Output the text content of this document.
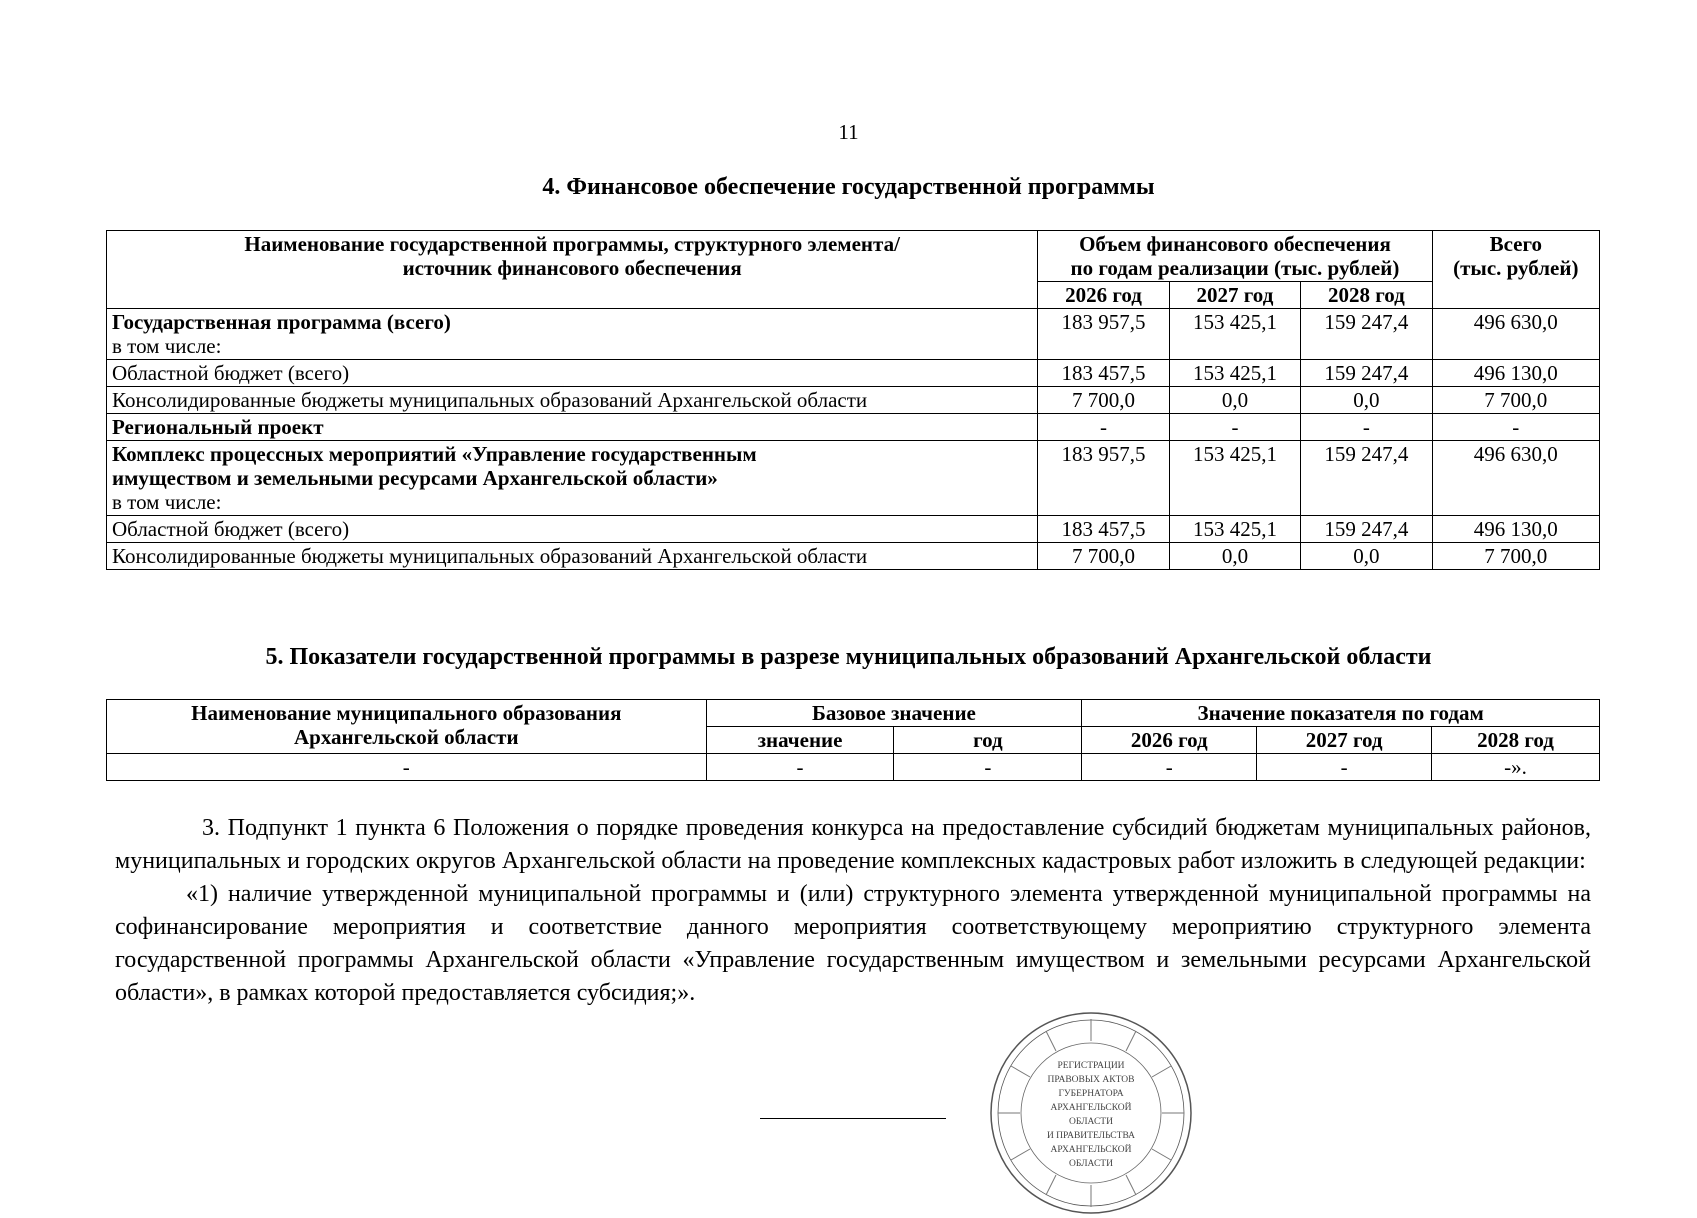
11
4. Финансовое обеспечение государственной программы
Наименование государственной программы, структурного элемента/
источник финансового обеспечения	Объем финансового обеспечения
по годам реализации (тыс. рублей)			Всего
(тыс. рублей)
	2026 год	2027 год	2028 год	
Государственная программа (всего)
в том числе:	183 957,5	153 425,1	159 247,4	496 630,0
Областной бюджет (всего)	183 457,5	153 425,1	159 247,4	496 130,0
Консолидированные бюджеты муниципальных образований Архангельской области	7 700,0	0,0	0,0	7 700,0
Региональный проект	-	-	-	-
Комплекс процессных мероприятий «Управление государственным
имуществом и земельными ресурсами Архангельской области»
в том числе:	183 957,5	153 425,1	159 247,4	496 630,0
Областной бюджет (всего)	183 457,5	153 425,1	159 247,4	496 130,0
Консолидированные бюджеты муниципальных образований Архангельской области	7 700,0	0,0	0,0	7 700,0
5. Показатели государственной программы в разрезе муниципальных образований Архангельской области
Наименование муниципального образования
Архангельской области	Базовое значение		Значение показателя по годам		
	значение	год	2026 год	2027 год	2028 год
-	-	-	-	-	-».

3. Подпункт 1 пункта 6 Положения о порядке проведения конкурса на предоставление субсидий бюджетам муниципальных районов, муниципальных и городских округов Архангельской области на проведение комплексных кадастровых работ изложить в следующей редакции:

«1) наличие утвержденной муниципальной программы и (или) структурного элемента утвержденной муниципальной программы на софинансирование мероприятия и соответствие данного мероприятия соответствующему мероприятию структурного элемента государственной программы Архангельской области «Управление государственным имуществом и земельными ресурсами Архангельской области», в рамках которой предоставляется субсидия;».

РЕГИСТРАЦИИ
ПРАВОВЫХ АКТОВ
ГУБЕРНАТОРА
АРХАНГЕЛЬСКОЙ
ОБЛАСТИ
И ПРАВИТЕЛЬСТВА
АРХАНГЕЛЬСКОЙ
ОБЛАСТИ
